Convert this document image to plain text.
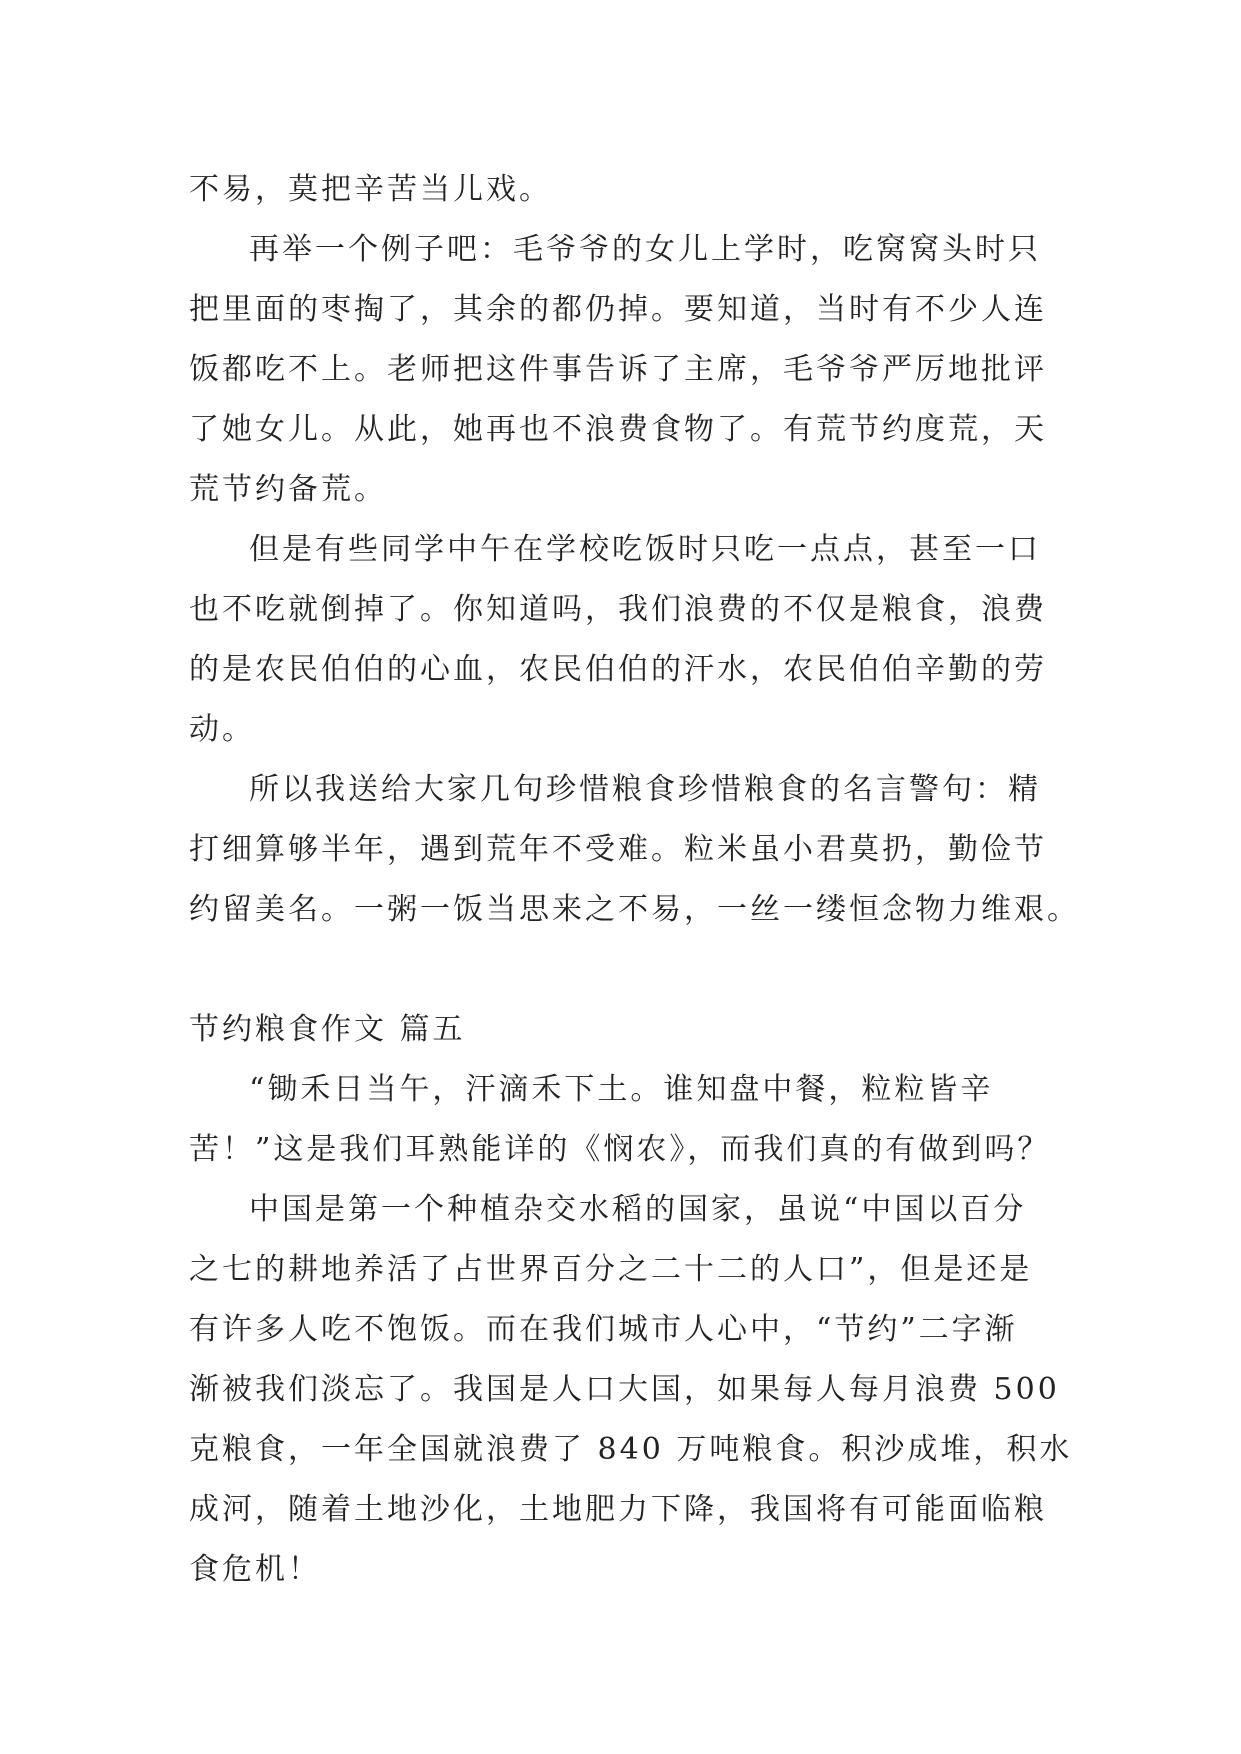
不易，莫把辛苦当儿戏。
再举一个例子吧：毛爷爷的女儿上学时，吃窝窝头时只
把里面的枣掏了，其余的都仍掉。要知道，当时有不少人连
饭都吃不上。老师把这件事告诉了主席，毛爷爷严厉地批评
了她女儿。从此，她再也不浪费食物了。有荒节约度荒，天
荒节约备荒。
但是有些同学中午在学校吃饭时只吃一点点，甚至一口
也不吃就倒掉了。你知道吗，我们浪费的不仅是粮食，浪费
的是农民伯伯的心血，农民伯伯的汗水，农民伯伯辛勤的劳
动。
所以我送给大家几句珍惜粮食珍惜粮食的名言警句：精
打细算够半年，遇到荒年不受难。粒米虽小君莫扔，勤俭节
约留美名。一粥一饭当思来之不易，一丝一缕恒念物力维艰。
节约粮食作文 篇五
“锄禾日当午，汗滴禾下土。谁知盘中餐，粒粒皆辛
苦！”这是我们耳熟能详的《悯农》，而我们真的有做到吗？
中国是第一个种植杂交水稻的国家，虽说“中国以百分
之七的耕地养活了占世界百分之二十二的人口”，但是还是
有许多人吃不饱饭。而在我们城市人心中，“节约”二字渐
渐被我们淡忘了。我国是人口大国，如果每人每月浪费 500
克粮食，一年全国就浪费了 840 万吨粮食。积沙成堆，积水
成河，随着土地沙化，土地肥力下降，我国将有可能面临粮
食危机！
